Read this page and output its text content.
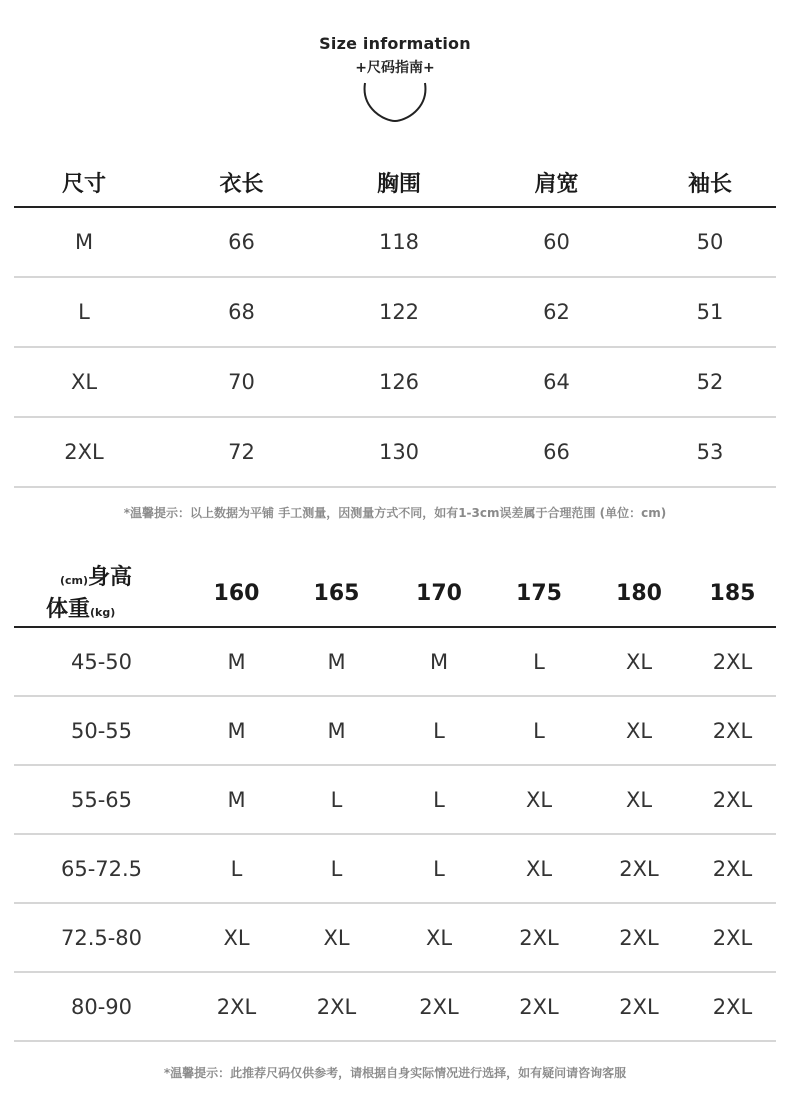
Size information
+尺码指南+
尺寸	衣长	胸围	肩宽	袖长
M	66	118	60	50
L	68	122	62	51
XL	70	126	64	52
2XL	72	130	66	53
*温馨提示：以上数据为平铺 手工测量，因测量方式不同，如有1-3cm误差属于合理范围 (单位：cm)
(cm)身高
体重(kg)
160	165	170	175	180	185
45-50	M	M	M	L	XL	2XL
50-55	M	M	L	L	XL	2XL
55-65	M	L	L	XL	XL	2XL
65-72.5	L	L	L	XL	2XL	2XL
72.5-80	XL	XL	XL	2XL	2XL	2XL
80-90	2XL	2XL	2XL	2XL	2XL	2XL
*温馨提示：此推荐尺码仅供参考，请根据自身实际情况进行选择，如有疑问请咨询客服
